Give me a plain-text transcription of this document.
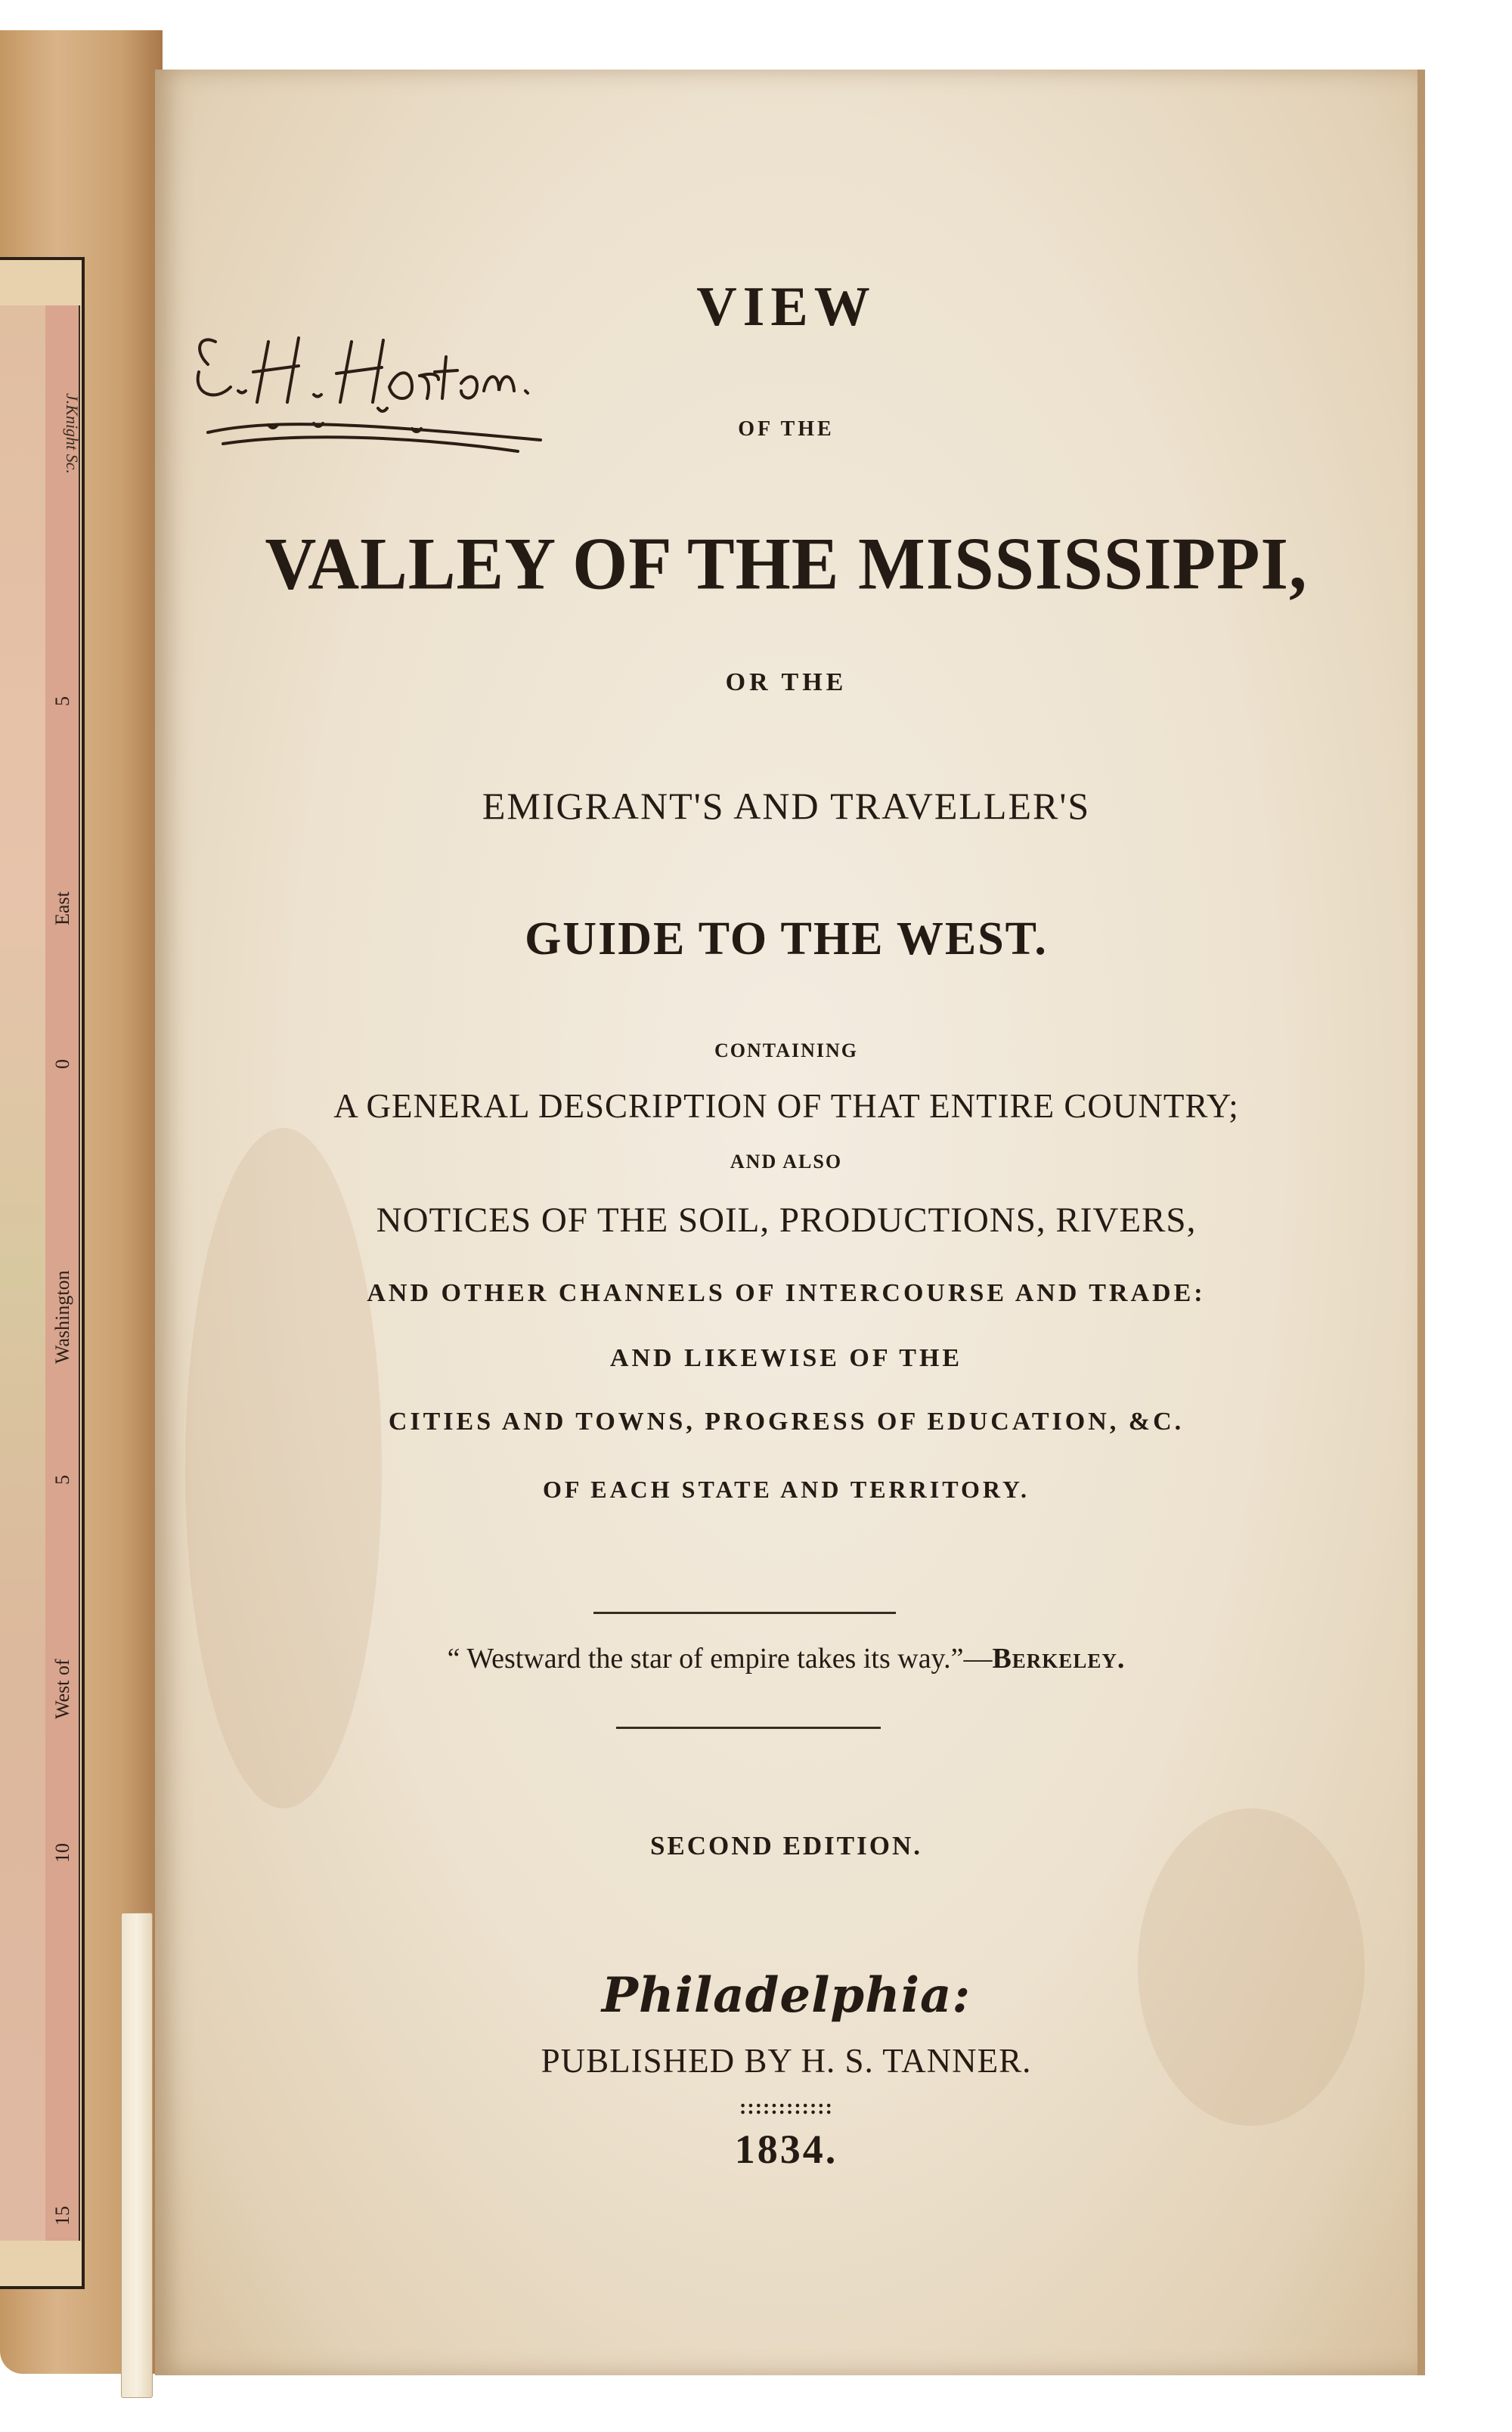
5
East
0
Washington
5
West of
10
15
J.Knight Sc.
VIEW
OF THE
VALLEY OF THE MISSISSIPPI,
OR THE
EMIGRANT'S AND TRAVELLER'S
GUIDE TO THE WEST.
CONTAINING
A GENERAL DESCRIPTION OF THAT ENTIRE COUNTRY;
AND ALSO
NOTICES OF THE SOIL, PRODUCTIONS, RIVERS,
AND OTHER CHANNELS OF INTERCOURSE AND TRADE:
AND LIKEWISE OF THE
CITIES AND TOWNS, PROGRESS OF EDUCATION, &C.
OF EACH STATE AND TERRITORY.
“ Westward the star of empire takes its way.”—Berkeley.
SECOND EDITION.
Philadelphia:
PUBLISHED BY H. S. TANNER.
::::::::::::
1834.
